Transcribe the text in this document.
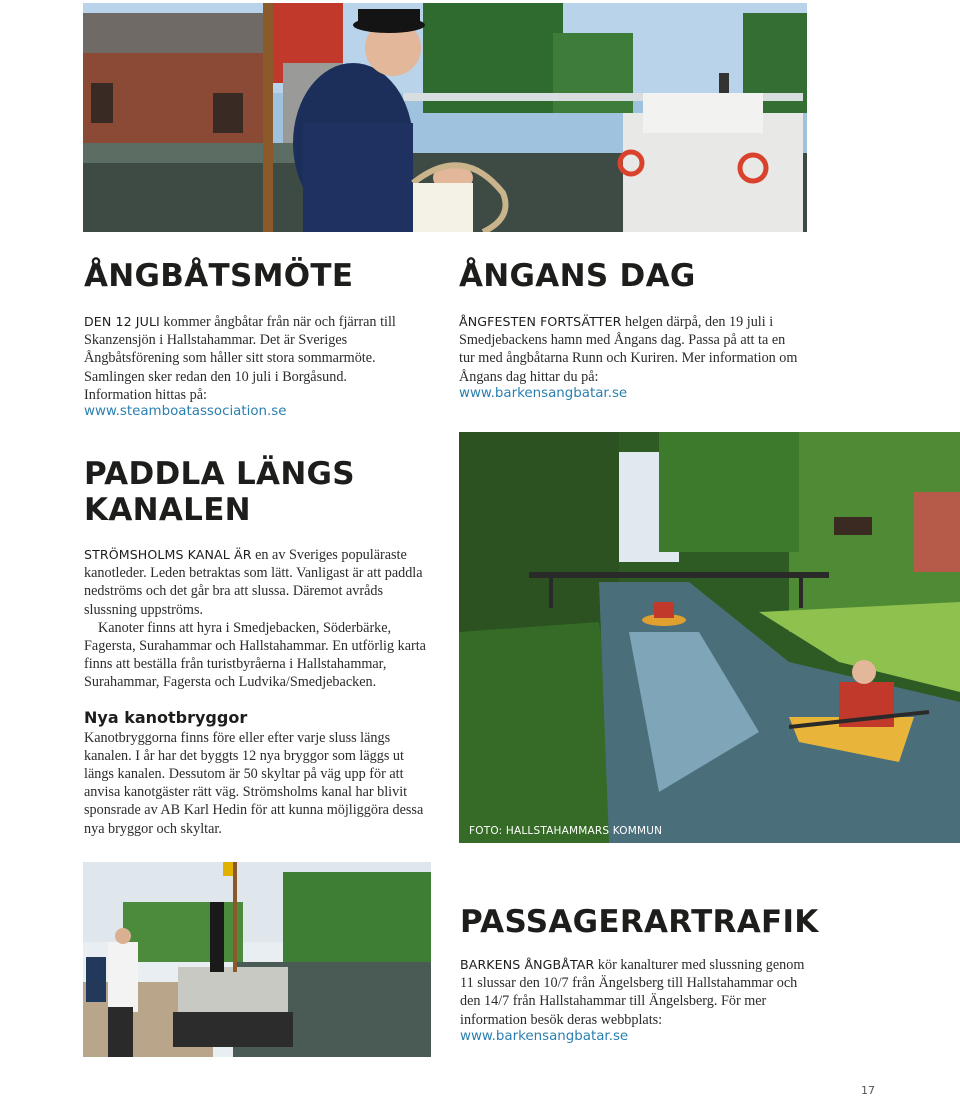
ÅNGBÅTSMÖTE

DEN 12 JULI kommer ångbåtar från när och fjärran till Skanzensjön i Hallstahammar. Det är Sveriges Ångbåtsförening som håller sitt stora sommarmöte. Samlingen sker redan den 10 juli i Borgåsund. Information hittas på:

www.steamboatassociation.se
ÅNGANS DAG

ÅNGFESTEN FORTSÄTTER helgen därpå, den 19 juli i Smedjebackens hamn med Ångans dag. Passa på att ta en tur med ångbåtarna Runn och Kuriren. Mer information om Ångans dag hittar du på:

www.barkensangbatar.se
PADDLA LÄNGS
KANALEN

STRÖMSHOLMS KANAL ÄR en av Sveriges populäraste kanotleder. Leden betraktas som lätt. Vanligast är att paddla nedströms och det går bra att slussa. Däremot avråds slussning uppströms.

Kanoter finns att hyra i Smedjebacken, Söderbärke, Fagersta, Surahammar och Hallstahammar. En utförlig karta finns att beställa från turistbyråerna i Hallstahammar, Surahammar, Fagersta och Ludvika/Smedjebacken.

Nya kanotbryggor

Kanotbryggorna finns före eller efter varje sluss längs kanalen. I år har det byggts 12 nya bryggor som läggs ut längs kanalen. Dessutom är 50 skyltar på väg upp för att anvisa kanotgäster rätt väg. Strömsholms kanal har blivit sponsrade av AB Karl Hedin för att kunna möjliggöra dessa nya bryggor och skyltar.	FOTO: HALLSTAHAMMARS KOMMUN
PASSAGERARTRAFIK

BARKENS ÅNGBÅTAR kör kanalturer med slussning genom 11 slussar den 10/7 från Ängelsberg till Hallstahammar och den 14/7 från Hallstahammar till Ängelsberg. För mer information besök deras webbplats:

www.barkensangbatar.se
17
